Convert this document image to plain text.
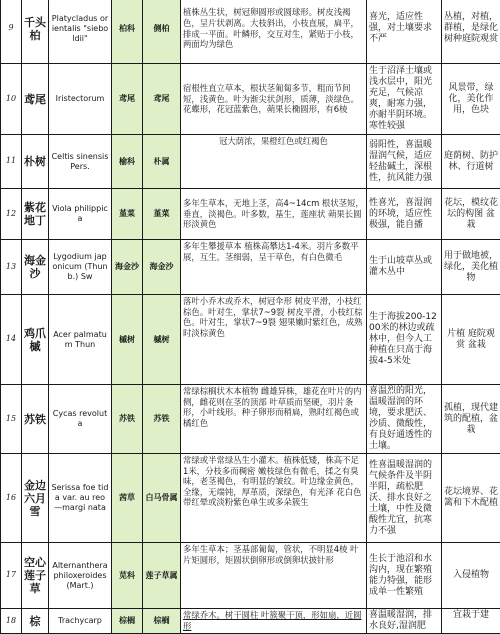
9	千头柏	Platycladus orientalis "sieboldii"	柏科	侧柏	植株丛生状，树冠卵圆形或圆球形。树皮浅褐色，呈片状剥离。大枝斜出，小枝直展，扁平，排成一平面。叶鳞形，交互对生，紧贴于小枝，两面均为绿色	喜光，适应性强，对土壤要求不严	丛植，对植，群植，是绿化树种庭院观赏
10	鸢尾	Iristectorum	鸢尾	鸢尾	宿根性直立草本，根状茎匍匐多节，粗而节间短，浅黄色。叶为渐尖状剑形，质薄，淡绿色。花蝶形，花冠蓝紫色，蒴果长椭圆形，有6棱	生于沼泽土壤或浅水层中，阳光充足，气候凉爽，耐寒力强，亦耐半阴环境。寒性较强	风景带，绿化，美化作用，色块
11	朴树	Celtis sinensis Pers.	榆科	朴属	冠大荫浓，果橙红色或红褐色	弱阳性，喜温暖湿润气候，适应轻盐碱土，深根性，抗风能力强	庭荫树、防护林、行道树
12	紫花地丁	Viola philippic a	堇菜	堇菜	多年生草本，无地上茎，高4~14cm 根状茎短，垂直，淡褐色。叶多数，基生，莲座状 蒴果长圆形淡黄色	性喜光，喜湿润的环境，适应性极强，能自播	花坛，模纹花坛的构图 盆栽
13	海金沙	Lygodium japonicum (Thunb.) Sw	海金沙	海金沙	多年生攀援草本 植株高攀达1-4米。羽片多数平展，互生。茎细弱，呈干草色，有白色微毛	生于山坡草丛或灌木丛中	用于做地被，绿化，美化植物
14	鸡爪槭	Acer palmatum Thun	槭树	槭树	落叶小乔木或乔木，树冠伞形 树皮平滑，小枝红棕色。叶对生，掌状7~9裂 树皮平滑，小枝红棕色。叶对生，掌状7~9裂 翅果嫩时紫红色，成熟时淡棕黄色	生于海拔200-1200米的林边或疏林中，但今人工种植在只高于海拔4-5米处	片植 庭院观赏 盆栽
15	苏铁	Cycas revoluta	苏铁	苏铁	常绿棕榈状木本植物 雌雄异株，雄花在叶片的内侧，雌花则在茎的顶部 叶草质而坚硬，羽片条形，小叶线形。种子卵形而稍扁，熟时红褐色或橘红色	喜温烈的阳光，温暖湿润的环境，要求肥沃、沙质、微酸性，有良好通透性的土壤。	孤植，现代建筑的配植，盆栽
16	金边六月雪	Serissa foe tida var. au reo—margi nata	茜草	白马骨属	常绿或半常绿丛生小灌木。植株低矮，株高不足1米，分枝多而稠密 嫩枝绿色有微毛，揉之有臭味，老茎褐色，有明显的皱纹。叶边缘金黄色，全缘，无端钝，厚革质，深绿色，有光泽 花白色带红晕或淡粉紫色单生或多朵簇生	性喜温暖湿润的气候条件及半阴半阳，疏松肥沃、排水良好之土壤，中性及微酸性尤宜，抗寒力不强	花坛境界、花篱和下木配植
17	空心莲子草	Alternanthera philoxeroides (Mart.)	苋科	莲子草属	多年生草本；茎基部匍匐，管状，不明显4棱 叶片矩圆形，矩圆状倒卵形或倒卵状披针形	生长于池沼和水沟内，现在繁殖能力特强，能形成单一性繁殖	入侵植物
18	棕	Trachycarp	棕榈	棕榈	常绿乔木。树干圆柱 叶簇聚干顶，形如扇，近圆形	喜温暖湿润，排水良好,湿润肥	宜栽于建
